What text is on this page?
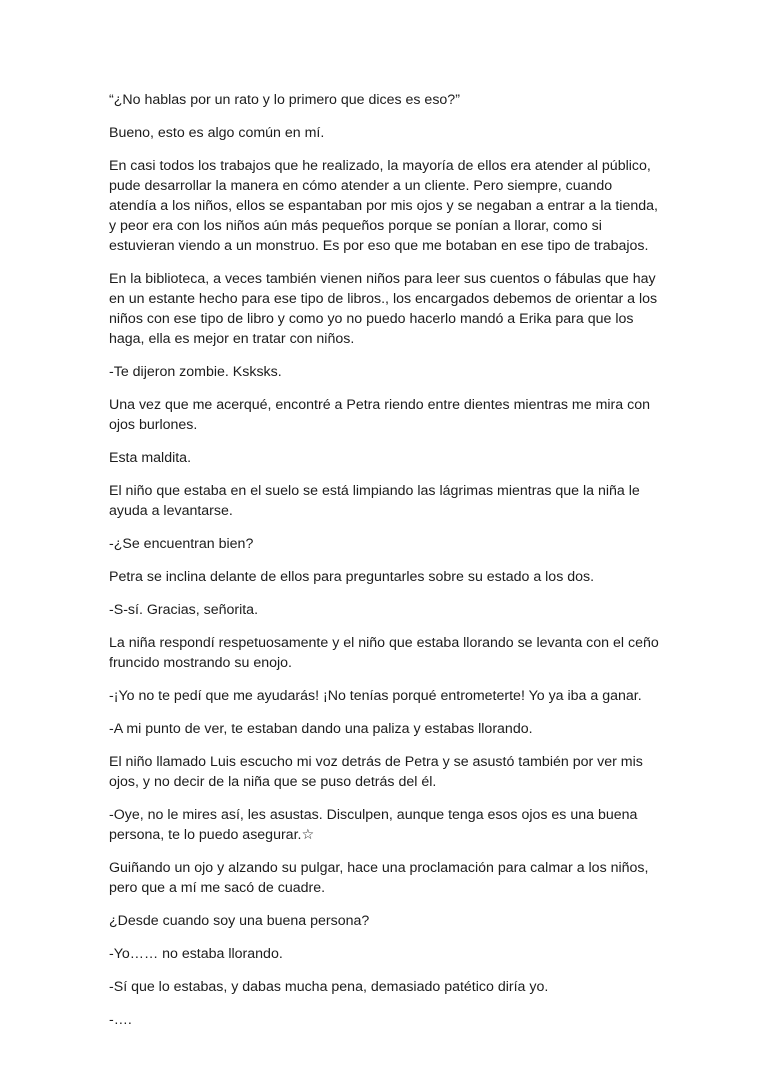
“¿No hablas por un rato y lo primero que dices es eso?”

Bueno, esto es algo común en mí.

En casi todos los trabajos que he realizado, la mayoría de ellos era atender al público,
pude desarrollar la manera en cómo atender a un cliente. Pero siempre, cuando
atendía a los niños, ellos se espantaban por mis ojos y se negaban a entrar a la tienda,
y peor era con los niños aún más pequeños porque se ponían a llorar, como si
estuvieran viendo a un monstruo. Es por eso que me botaban en ese tipo de trabajos.

En la biblioteca, a veces también vienen niños para leer sus cuentos o fábulas que hay
en un estante hecho para ese tipo de libros., los encargados debemos de orientar a los
niños con ese tipo de libro y como yo no puedo hacerlo mandó a Erika para que los
haga, ella es mejor en tratar con niños.

-Te dijeron zombie. Ksksks.

Una vez que me acerqué, encontré a Petra riendo entre dientes mientras me mira con
ojos burlones.

Esta maldita.

El niño que estaba en el suelo se está limpiando las lágrimas mientras que la niña le
ayuda a levantarse.

-¿Se encuentran bien?

Petra se inclina delante de ellos para preguntarles sobre su estado a los dos.

-S-sí. Gracias, señorita.

La niña respondí respetuosamente y el niño que estaba llorando se levanta con el ceño
fruncido mostrando su enojo.

-¡Yo no te pedí que me ayudarás! ¡No tenías porqué entrometerte! Yo ya iba a ganar.

-A mi punto de ver, te estaban dando una paliza y estabas llorando.

El niño llamado Luis escucho mi voz detrás de Petra y se asustó también por ver mis
ojos, y no decir de la niña que se puso detrás del él.

-Oye, no le mires así, les asustas. Disculpen, aunque tenga esos ojos es una buena
persona, te lo puedo asegurar.☆

Guiñando un ojo y alzando su pulgar, hace una proclamación para calmar a los niños,
pero que a mí me sacó de cuadre.

¿Desde cuando soy una buena persona?

-Yo…… no estaba llorando.

-Sí que lo estabas, y dabas mucha pena, demasiado patético diría yo.

-….
